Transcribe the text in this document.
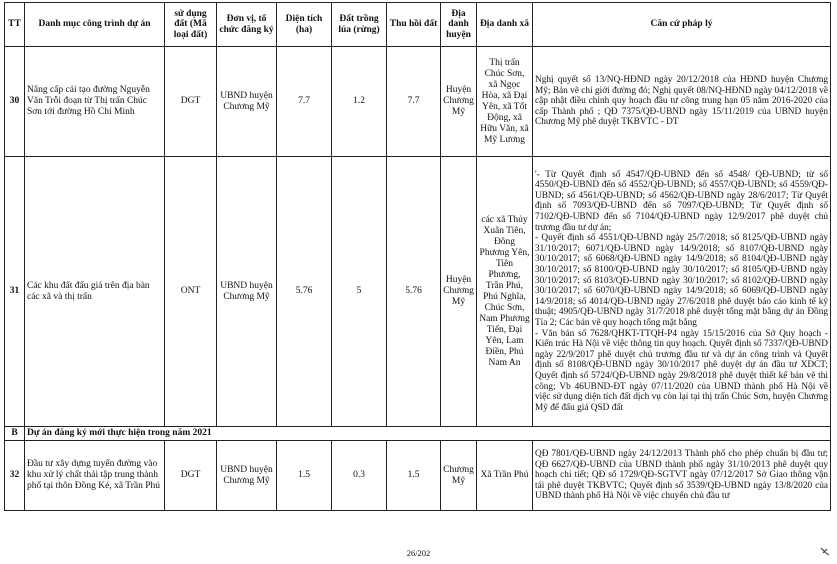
TT	Danh mục công trình dự án	sử dụng đất (Mã loại đất)	Đơn vị, tổ chức đăng ký	Diện tích (ha)	Đất trồng lúa (rừng)	Thu hồi đất	Địa danh huyện	Địa danh xã	Căn cứ pháp lý
30	Nâng cấp cải tạo đường Nguyễn Văn Trỗi đoạn từ Thị trấn Chúc Sơn tới đường Hồ Chí Minh	DGT	UBND huyện Chương Mỹ	7.7	1.2	7.7	Huyện Chương Mỹ	Thị trấn Chúc Sơn, xã Ngọc Hòa, xã Đại Yên, xã Tốt Động, xã Hữu Văn, xã Mỹ Lương	Nghị quyết số 13/NQ-HĐND ngày 20/12/2018 của HĐND huyện Chương Mỹ; Bản vẽ chỉ giới đường đỏ; Nghị quyết 08/NQ-HĐND ngày 04/12/2018 về cập nhật điều chỉnh quy hoạch đầu tư công trung hạn 05 năm 2016-2020 của cấp Thành phố ; QĐ 7375/QĐ-UBND ngày 15/11/2019 của UBND huyện Chương Mỹ phê duyệt TKBVTC - DT

31	Các khu đất đấu giá trên địa bàn các xã và thị trấn	ONT	UBND huyện Chương Mỹ	5.76	5	5.76	Huyện Chương Mỹ	các xã Thủy Xuân Tiên, Đông Phương Yên, Tiên Phương, Trần Phú, Phú Nghĩa, Chúc Sơn, Nam Phương Tiến, Đại Yên, Lam Điền, Phú Nam An	'- Từ Quyết định số 4547/QĐ-UBND đến số 4548/ QĐ-UBND; từ số 4550/QĐ-UBND đến số 4552/QĐ-UBND; số 4557/QĐ-UBND; số 4559/QĐ-UBND; số 4561/QĐ-UBND; số 4562/QĐ-UBND ngày 28/6/2017; Từ Quyết định số 7093/QĐ-UBND đến số 7097/QĐ-UBND; Từ Quyết định số 7102/QĐ-UBND đến số 7104/QĐ-UBND ngày 12/9/2017 phê duyệt chủ trương đầu tư dự án;
- Quyết định số 4551/QĐ-UBND ngày 25/7/2018; số 8125/QĐ-UBND ngày 31/10/2017; 6071/QĐ-UBND ngày 14/9/2018; số 8107/QĐ-UBND ngày 30/10/2017; số 6068/QĐ-UBND ngày 14/9/2018; số 8104/QĐ-UBND ngày 30/10/2017; số 8100/QĐ-UBND ngày 30/10/2017; số 8105/QĐ-UBND ngày 30/10/2017; số 8103/QĐ-UBND ngày 30/10/2017; số 8102/QĐ-UBND ngày 30/10/2017; số 6070/QĐ-UBND ngày 14/9/2018; số 6069/QĐ-UBND ngày 14/9/2018; số 4014/QĐ-UBND ngày 27/6/2018 phê duyệt báo cáo kinh tế kỹ thuật; 4905/QĐ-UBND ngày 31/7/2018 phê duyệt tổng mặt bằng dự án Đồng Tía 2; Các bản vẽ quy hoạch tổng mặt bằng
- Văn bản số 7628/QHKT-TTQH-P4 ngày 15/15/2016 của Sở Quy hoạch - Kiến trúc Hà Nội về việc thông tin quy hoạch. Quyết định số 7337/QĐ-UBND ngày 22/9/2017 phê duyệt chủ trương đầu tư và dự án công trình và Quyết định số 8108/QĐ-UBND ngày 30/10/2017 phê duyệt dự án đầu tư XDCT; Quyết định số 5724/QĐ-UBND ngày 29/8/2018 phê duyệt thiết kế bản vẽ thi công; Vb 46UBND-ĐT ngày 07/11/2020 của UBND thành phố Hà Nội về việc sử dụng diện tích đất dịch vụ còn lại tại thị trấn Chúc Sơn, huyện Chương Mỹ để đấu giá QSD đất

B	Dự án đăng ký mới thực hiện trong năm 2021								
32	Đầu tư xây dựng tuyến đường vào khu xử lý chất thải tập trung thành phố tại thôn Đồng Ké, xã Trần Phú	DGT	UBND huyện Chương Mỹ	1.5	0.3	1.5	Chương Mỹ	Xã Trần Phú	QĐ 7801/QĐ-UBND ngày 24/12/2013 Thành phố cho phép chuẩn bị đầu tư; QĐ 6627/QĐ-UBND của UBND thành phố ngày 31/10/2013 phê duyệt quy hoạch chi tiết; QĐ số 1729/QĐ-SGTVT ngày 07/12/2017 Sở Giao thông vận tải phê duyệt TKBVTC; Quyết định số 3539/QĐ-UBND ngày 13/8/2020 của UBND thành phố Hà Nội về việc chuyển chủ đầu tư
26/202
